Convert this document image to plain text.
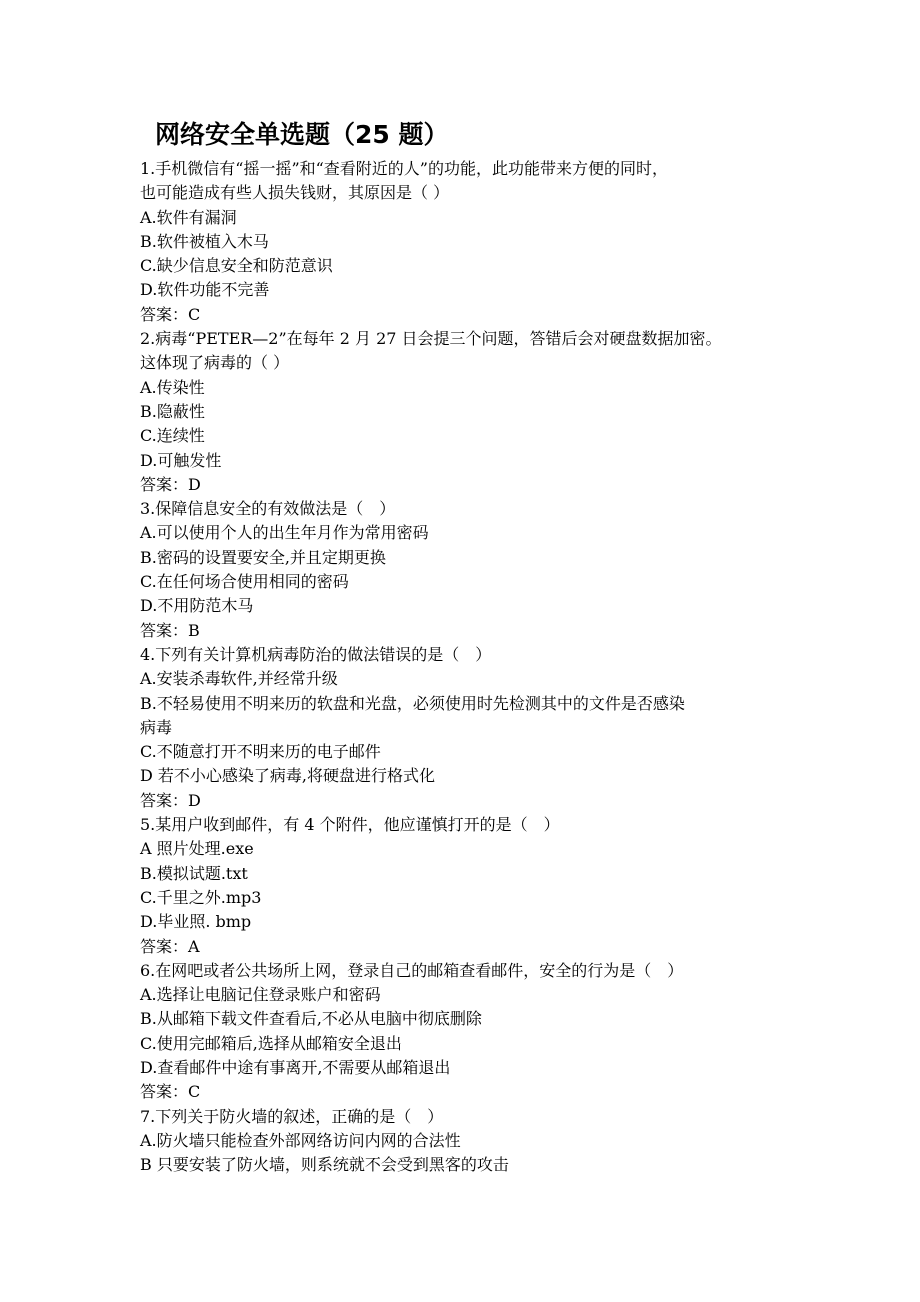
网络安全单选题（25 题）
1.手机微信有“摇一摇”和“查看附近的人”的功能，此功能带来方便的同时，
也可能造成有些人损失钱财，其原因是（ ）
A.软件有漏洞
B.软件被植入木马
C.缺少信息安全和防范意识
D.软件功能不完善
答案：C
2.病毒“PETER—2”在每年 2 月 27 日会提三个问题，答错后会对硬盘数据加密。
这体现了病毒的（ ）
A.传染性
B.隐蔽性
C.连续性
D.可触发性
答案：D
3.保障信息安全的有效做法是（　）
A.可以使用个人的出生年月作为常用密码
B.密码的设置要安全,并且定期更换
C.在任何场合使用相同的密码
D.不用防范木马
答案：B
4.下列有关计算机病毒防治的做法错误的是（　）
A.安装杀毒软件,并经常升级
B.不轻易使用不明来历的软盘和光盘，必须使用时先检测其中的文件是否感染
病毒
C.不随意打开不明来历的电子邮件
D 若不小心感染了病毒,将硬盘进行格式化
答案：D
5.某用户收到邮件，有 4 个附件，他应谨慎打开的是（　）
A 照片处理.exe
B.模拟试题.txt
C.千里之外.mp3
D.毕业照. bmp
答案：A
6.在网吧或者公共场所上网，登录自己的邮箱查看邮件，安全的行为是（　）
A.选择让电脑记住登录账户和密码
B.从邮箱下载文件查看后,不必从电脑中彻底删除
C.使用完邮箱后,选择从邮箱安全退出
D.查看邮件中途有事离开,不需要从邮箱退出
答案：C
7.下列关于防火墙的叙述，正确的是（　）
A.防火墙只能检查外部网络访问内网的合法性
B 只要安装了防火墙，则系统就不会受到黑客的攻击
